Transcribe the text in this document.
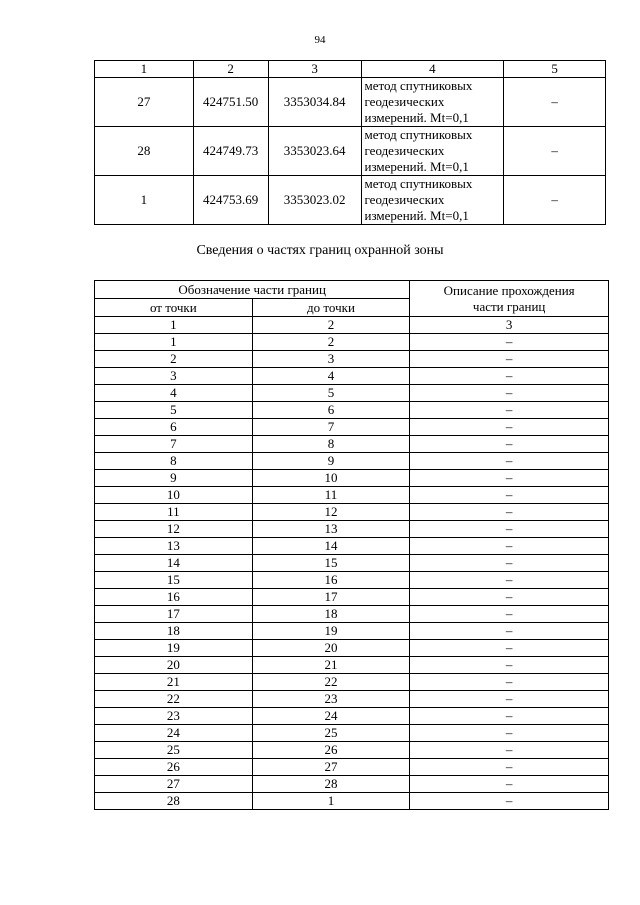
94
1	2	3	4	5
27	424751.50	3353034.84	метод спутниковых
геодезических
измерений. Mt=0,1	–
28	424749.73	3353023.64	метод спутниковых
геодезических
измерений. Mt=0,1	–
1	424753.69	3353023.02	метод спутниковых
геодезических
измерений. Mt=0,1	–
Сведения о частях границ охранной зоны
Обозначение части границ		Описание прохождения
части границ
от точки	до точки	
1	2	3
1	2	–
2	3	–
3	4	–
4	5	–
5	6	–
6	7	–
7	8	–
8	9	–
9	10	–
10	11	–
11	12	–
12	13	–
13	14	–
14	15	–
15	16	–
16	17	–
17	18	–
18	19	–
19	20	–
20	21	–
21	22	–
22	23	–
23	24	–
24	25	–
25	26	–
26	27	–
27	28	–
28	1	–
